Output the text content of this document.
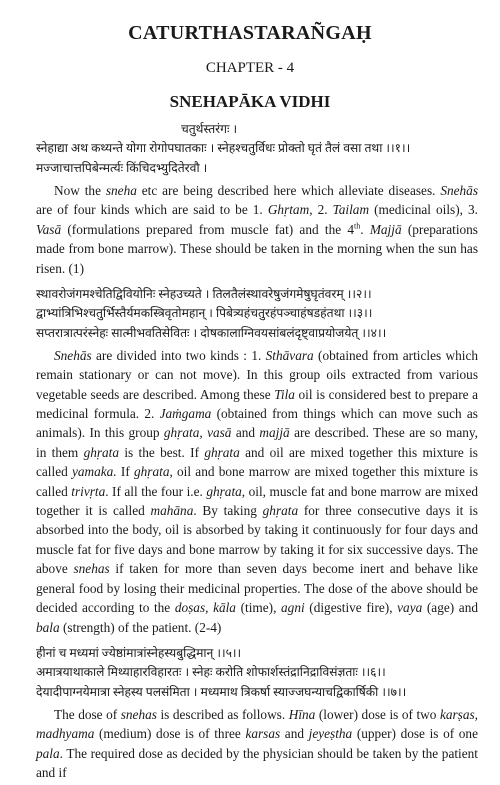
CATURTHASTARAÑGAḤ
CHAPTER - 4
SNEHAPĀKA VIDHI
चतुर्थस्तरंगः ।
स्नेहाद्या अथ कथ्यन्ते योगा रोगोपघातकाः । स्नेहश्चतुर्विधः प्रोक्तो घृतं तैलं वसा तथा ।।१।।
मज्जाचात्तपिबेन्मर्त्यः किंचिदभ्युदितेरवौ ।

Now the sneha etc are being described here which alleviate diseases. Snehās are of four kinds which are said to be 1. Ghṛtam, 2. Tailam (medicinal oils), 3. Vasā (formulations prepared from muscle fat) and the 4th. Majjā (preparations made from bone marrow). These should be taken in the morning when the sun has risen. (1)

स्थावरोजंगमश्चेतिद्विवियोनिः स्नेहउच्यते । तिलतैलंस्थावरेषुजंगमेषुघृतंवरम् ।।२।।
द्वाभ्यांत्रिभिश्चतुर्भिस्तैर्यमकस्त्रिवृतोमहान् । पिबेत्र्यहंचतुरहंपञ्चाहंषडहंतथा ।।३।।
सप्तरात्रात्परंस्नेहः सात्मीभवतिसेवितः । दोषकालाग्निवयसांबलंदृष्ट्वाप्रयोजयेत् ।।४।।

Snehās are divided into two kinds : 1. Sthāvara (obtained from articles which remain stationary or can not move). In this group oils extracted from various vegetable seeds are described. Among these Tila oil is considered best to prepare a medicinal formula. 2. Jaṁgama (obtained from things which can move such as animals). In this group ghṛata, vasā and majjā are described. These are so many, in them ghṛata is the best. If ghṛata and oil are mixed together this mixture is called yamaka. If ghṛata, oil and bone marrow are mixed together this mixture is called trivṛta. If all the four i.e. ghṛata, oil, muscle fat and bone marrow are mixed together it is called mahāna. By taking ghṛata for three consecutive days it is absorbed into the body, oil is absorbed by taking it continuously for four days and muscle fat for five days and bone marrow by taking it for six successive days. The above snehas if taken for more than seven days become inert and behave like general food by losing their medicinal properties. The dose of the above should be decided according to the doṣas, kāla (time), agni (digestive fire), vaya (age) and bala (strength) of the patient. (2-4)

हीनां च मध्यमां ज्येष्ठांमात्रांस्नेहस्यबुद्धिमान् ।।५।।
अमात्रयाथाकाले मिथ्याहारविहारतः । स्नेहः करोति शोफार्शस्तंद्रानिद्राविसंज्ञताः ।।६।।
देयादीपाग्नयेमात्रा स्नेहस्य पलसंमिता । मध्यमाथ त्रिकर्षा स्याज्जघन्याचद्विकार्षिकी ।।७।।

The dose of snehas is described as follows. Hīna (lower) dose is of two karṣas, madhyama (medium) dose is of three karsas and jeyeṣtha (upper) dose is of one pala. The required dose as decided by the physician should be taken by the patient and if
